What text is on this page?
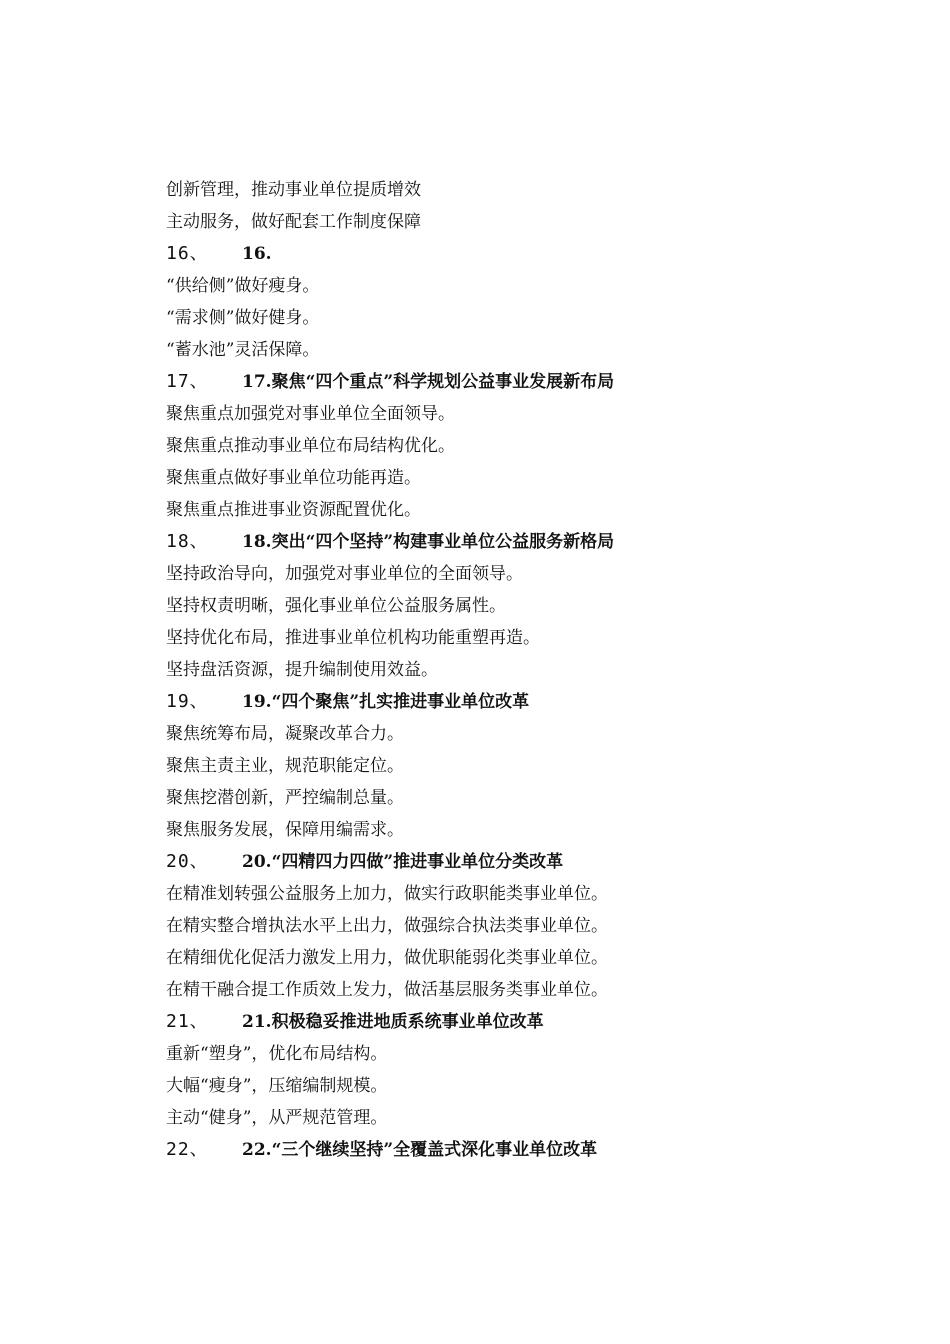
创新管理，推动事业单位提质增效
主动服务，做好配套工作制度保障
16、	16.
“供给侧”做好瘦身。
“需求侧”做好健身。
“蓄水池”灵活保障。
17、	17.聚焦“四个重点”科学规划公益事业发展新布局
聚焦重点加强党对事业单位全面领导。
聚焦重点推动事业单位布局结构优化。
聚焦重点做好事业单位功能再造。
聚焦重点推进事业资源配置优化。
18、	18.突出“四个坚持”构建事业单位公益服务新格局
坚持政治导向，加强党对事业单位的全面领导。
坚持权责明晰，强化事业单位公益服务属性。
坚持优化布局，推进事业单位机构功能重塑再造。
坚持盘活资源，提升编制使用效益。
19、	19.“四个聚焦”扎实推进事业单位改革
聚焦统筹布局，凝聚改革合力。
聚焦主责主业，规范职能定位。
聚焦挖潜创新，严控编制总量。
聚焦服务发展，保障用编需求。
20、	20.“四精四力四做”推进事业单位分类改革
在精准划转强公益服务上加力，做实行政职能类事业单位。
在精实整合增执法水平上出力，做强综合执法类事业单位。
在精细优化促活力激发上用力，做优职能弱化类事业单位。
在精干融合提工作质效上发力，做活基层服务类事业单位。
21、	21.积极稳妥推进地质系统事业单位改革
重新“塑身”，优化布局结构。
大幅“瘦身”，压缩编制规模。
主动“健身”，从严规范管理。
22、	22.“三个继续坚持”全覆盖式深化事业单位改革
